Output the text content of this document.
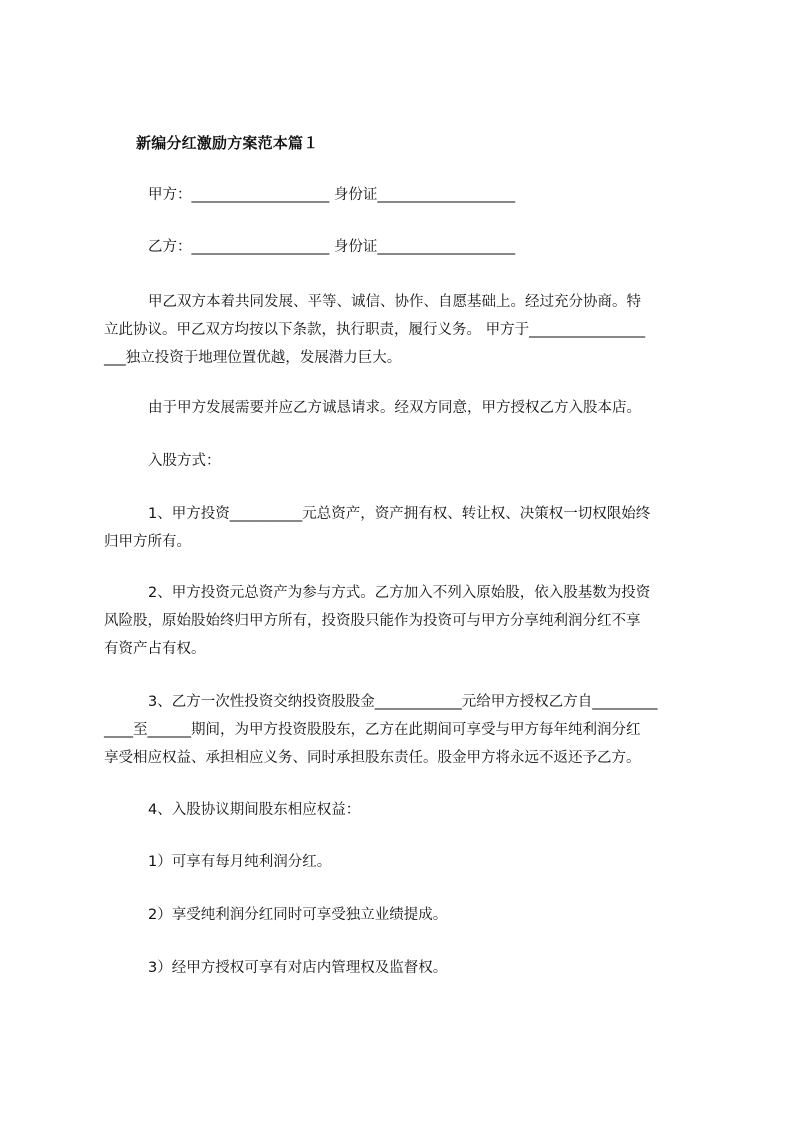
新编分红激励方案范本篇１
甲方：___________________ 身份证___________________
乙方：___________________ 身份证___________________
甲乙双方本着共同发展、平等、诚信、协作、自愿基础上。经过充分协商。特
立此协议。甲乙双方均按以下条款，执行职责，履行义务。 甲方于________________
___独立投资于地理位置优越，发展潜力巨大。
由于甲方发展需要并应乙方诚恳请求。经双方同意，甲方授权乙方入股本店。
入股方式：
1、甲方投资__________元总资产，资产拥有权、转让权、决策权一切权限始终
归甲方所有。
2、甲方投资元总资产为参与方式。乙方加入不列入原始股，依入股基数为投资
风险股，原始股始终归甲方所有，投资股只能作为投资可与甲方分享纯利润分红不享
有资产占有权。
3、乙方一次性投资交纳投资股股金____________元给甲方授权乙方自_________
____至______期间，为甲方投资股股东，乙方在此期间可享受与甲方每年纯利润分红
享受相应权益、承担相应义务、同时承担股东责任。股金甲方将永远不返还予乙方。
4、入股协议期间股东相应权益：
1）可享有每月纯利润分红。
2）享受纯利润分红同时可享受独立业绩提成。
3）经甲方授权可享有对店内管理权及监督权。
